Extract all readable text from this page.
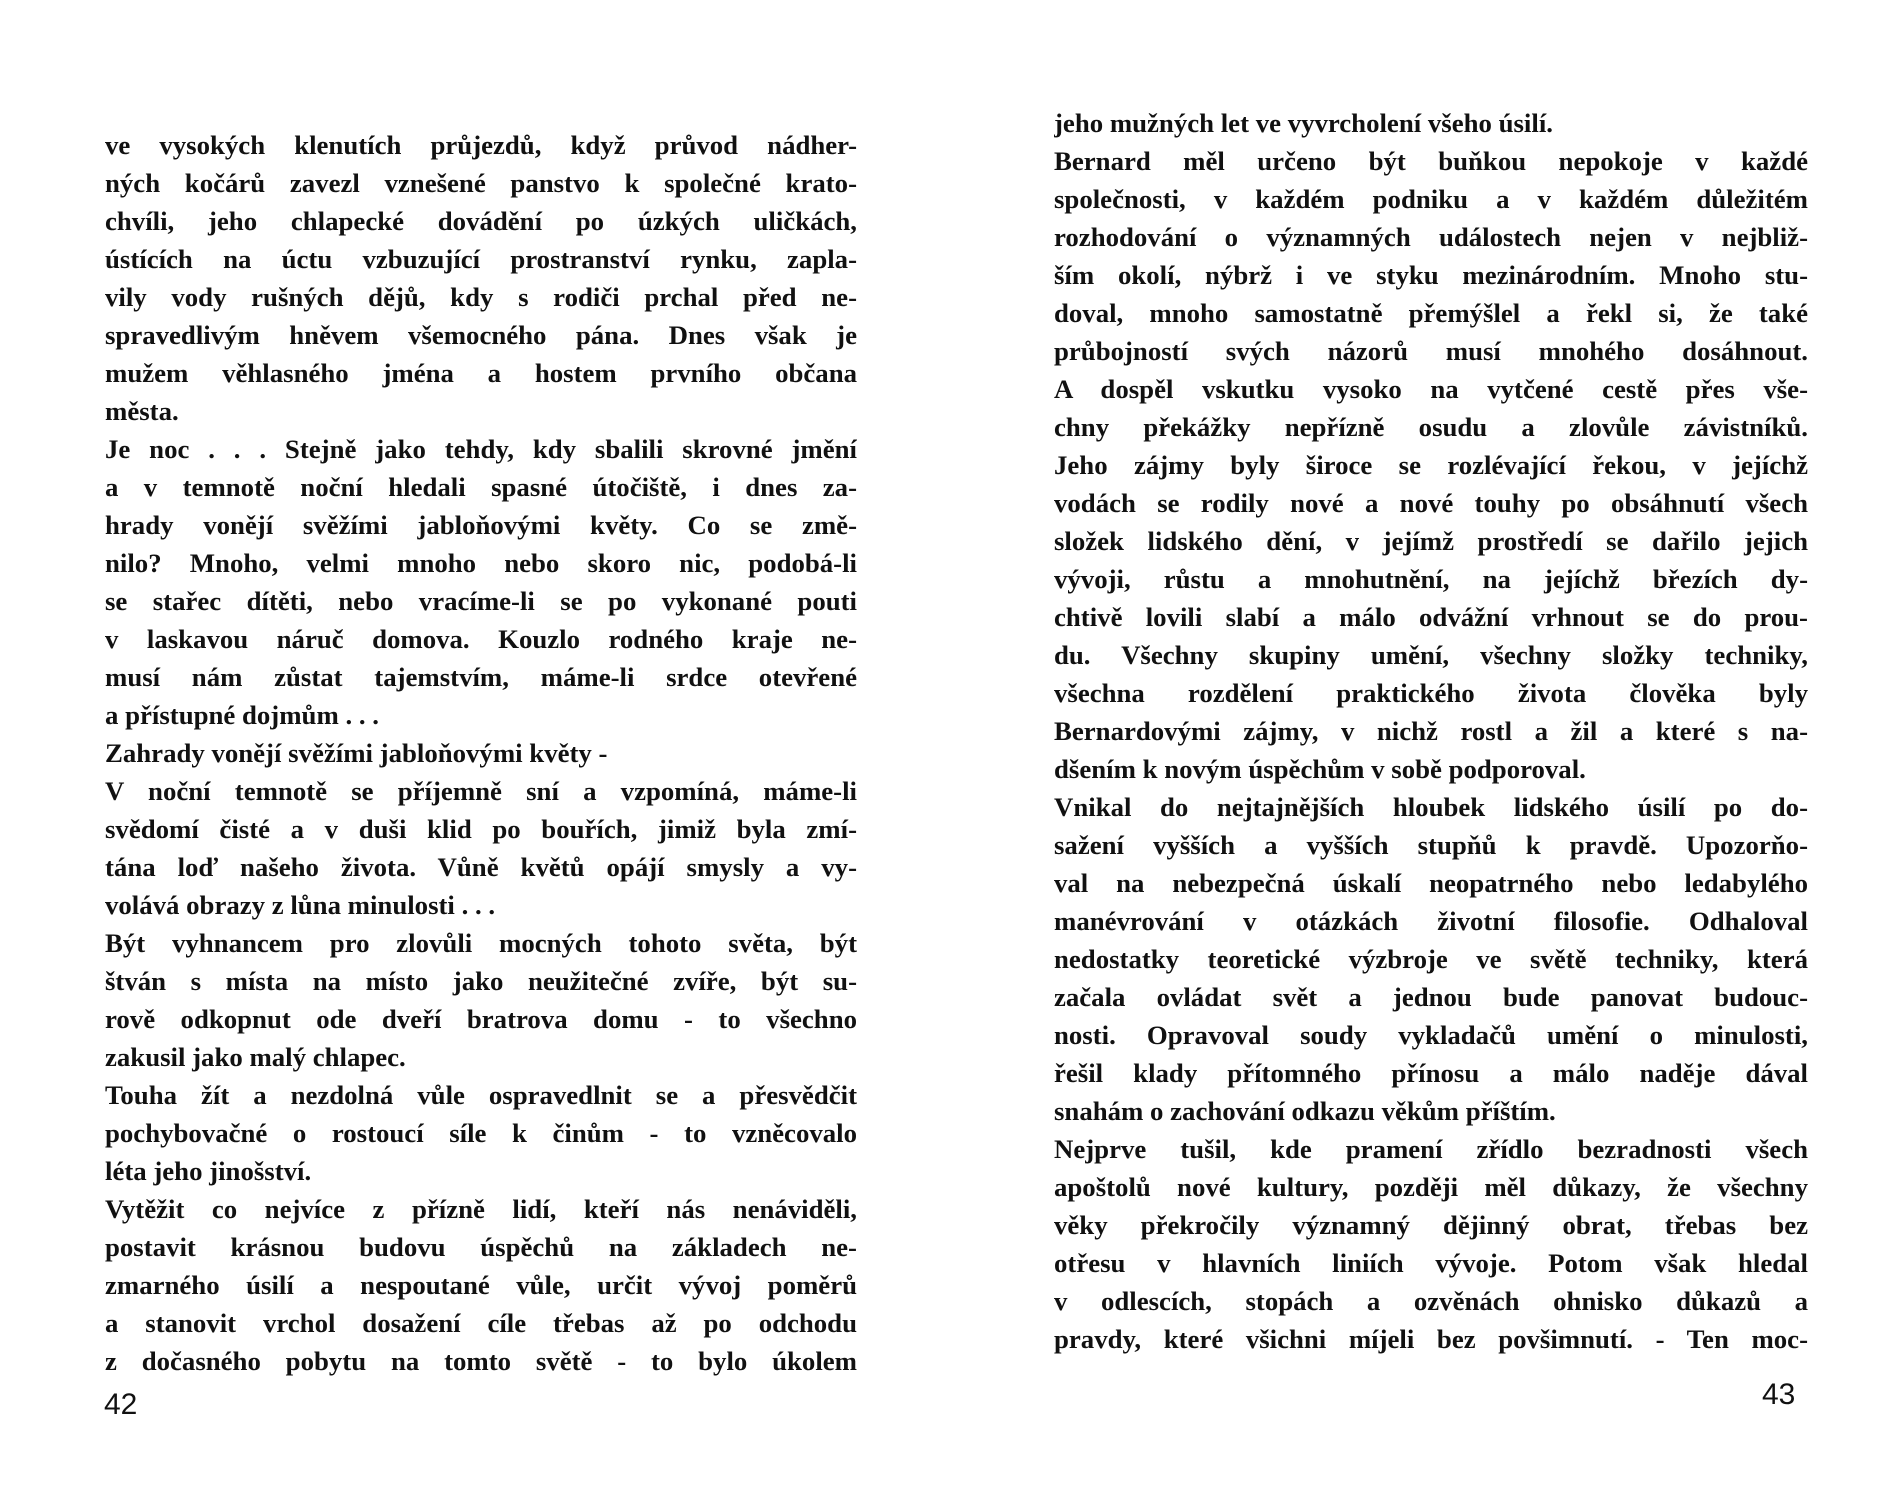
ve vysokých klenutích průjezdů, když průvod nádher-
ných kočárů zavezl vznešené panstvo k společné krato-
chvíli, jeho chlapecké dovádění po úzkých uličkách,
ústících na úctu vzbuzující prostranství rynku, zapla-
vily vody rušných dějů, kdy s rodiči prchal před ne-
spravedlivým hněvem všemocného pána. Dnes však je
mužem věhlasného jména a hostem prvního občana
města.
Je noc . . . Stejně jako tehdy, kdy sbalili skrovné jmění
a v temnotě noční hledali spasné útočiště, i dnes za-
hrady vonějí svěžími jabloňovými květy. Co se změ-
nilo? Mnoho, velmi mnoho nebo skoro nic, podobá-li
se stařec dítěti, nebo vracíme-li se po vykonané pouti
v laskavou náruč domova. Kouzlo rodného kraje ne-
musí nám zůstat tajemstvím, máme-li srdce otevřené
a přístupné dojmům . . .
Zahrady vonějí svěžími jabloňovými květy -
V noční temnotě se příjemně sní a vzpomíná, máme-li
svědomí čisté a v duši klid po bouřích, jimiž byla zmí-
tána loď našeho života. Vůně květů opájí smysly a vy-
volává obrazy z lůna minulosti . . .
Být vyhnancem pro zlovůli mocných tohoto světa, být
štván s místa na místo jako neužitečné zvíře, být su-
rově odkopnut ode dveří bratrova domu - to všechno
zakusil jako malý chlapec.
Touha žít a nezdolná vůle ospravedlnit se a přesvědčit
pochybovačné o rostoucí síle k činům - to vzněcovalo
léta jeho jinošství.
Vytěžit co nejvíce z přízně lidí, kteří nás nenáviděli,
postavit krásnou budovu úspěchů na základech ne-
zmarného úsilí a nespoutané vůle, určit vývoj poměrů
a stanovit vrchol dosažení cíle třebas až po odchodu
z dočasného pobytu na tomto světě - to bylo úkolem
42
jeho mužných let ve vyvrcholení všeho úsilí.
Bernard měl určeno být buňkou nepokoje v každé
společnosti, v každém podniku a v každém důležitém
rozhodování o významných událostech nejen v nejbliž-
ším okolí, nýbrž i ve styku mezinárodním. Mnoho stu-
doval, mnoho samostatně přemýšlel a řekl si, že také
průbojností svých názorů musí mnohého dosáhnout.
A dospěl vskutku vysoko na vytčené cestě přes vše-
chny překážky nepřízně osudu a zlovůle závistníků.
Jeho zájmy byly široce se rozlévající řekou, v jejíchž
vodách se rodily nové a nové touhy po obsáhnutí všech
složek lidského dění, v jejímž prostředí se dařilo jejich
vývoji, růstu a mnohutnění, na jejíchž březích dy-
chtivě lovili slabí a málo odvážní vrhnout se do prou-
du. Všechny skupiny umění, všechny složky techniky,
všechna rozdělení praktického života člověka byly
Bernardovými zájmy, v nichž rostl a žil a které s na-
dšením k novým úspěchům v sobě podporoval.
Vnikal do nejtajnějších hloubek lidského úsilí po do-
sažení vyšších a vyšších stupňů k pravdě. Upozorňo-
val na nebezpečná úskalí neopatrného nebo ledabylého
manévrování v otázkách životní filosofie. Odhaloval
nedostatky teoretické výzbroje ve světě techniky, která
začala ovládat svět a jednou bude panovat budouc-
nosti. Opravoval soudy vykladačů umění o minulosti,
řešil klady přítomného přínosu a málo naděje dával
snahám o zachování odkazu věkům příštím.
Nejprve tušil, kde pramení zřídlo bezradnosti všech
apoštolů nové kultury, později měl důkazy, že všechny
věky překročily významný dějinný obrat, třebas bez
otřesu v hlavních liniích vývoje. Potom však hledal
v odlescích, stopách a ozvěnách ohnisko důkazů a
pravdy, které všichni míjeli bez povšimnutí. - Ten moc-
43
